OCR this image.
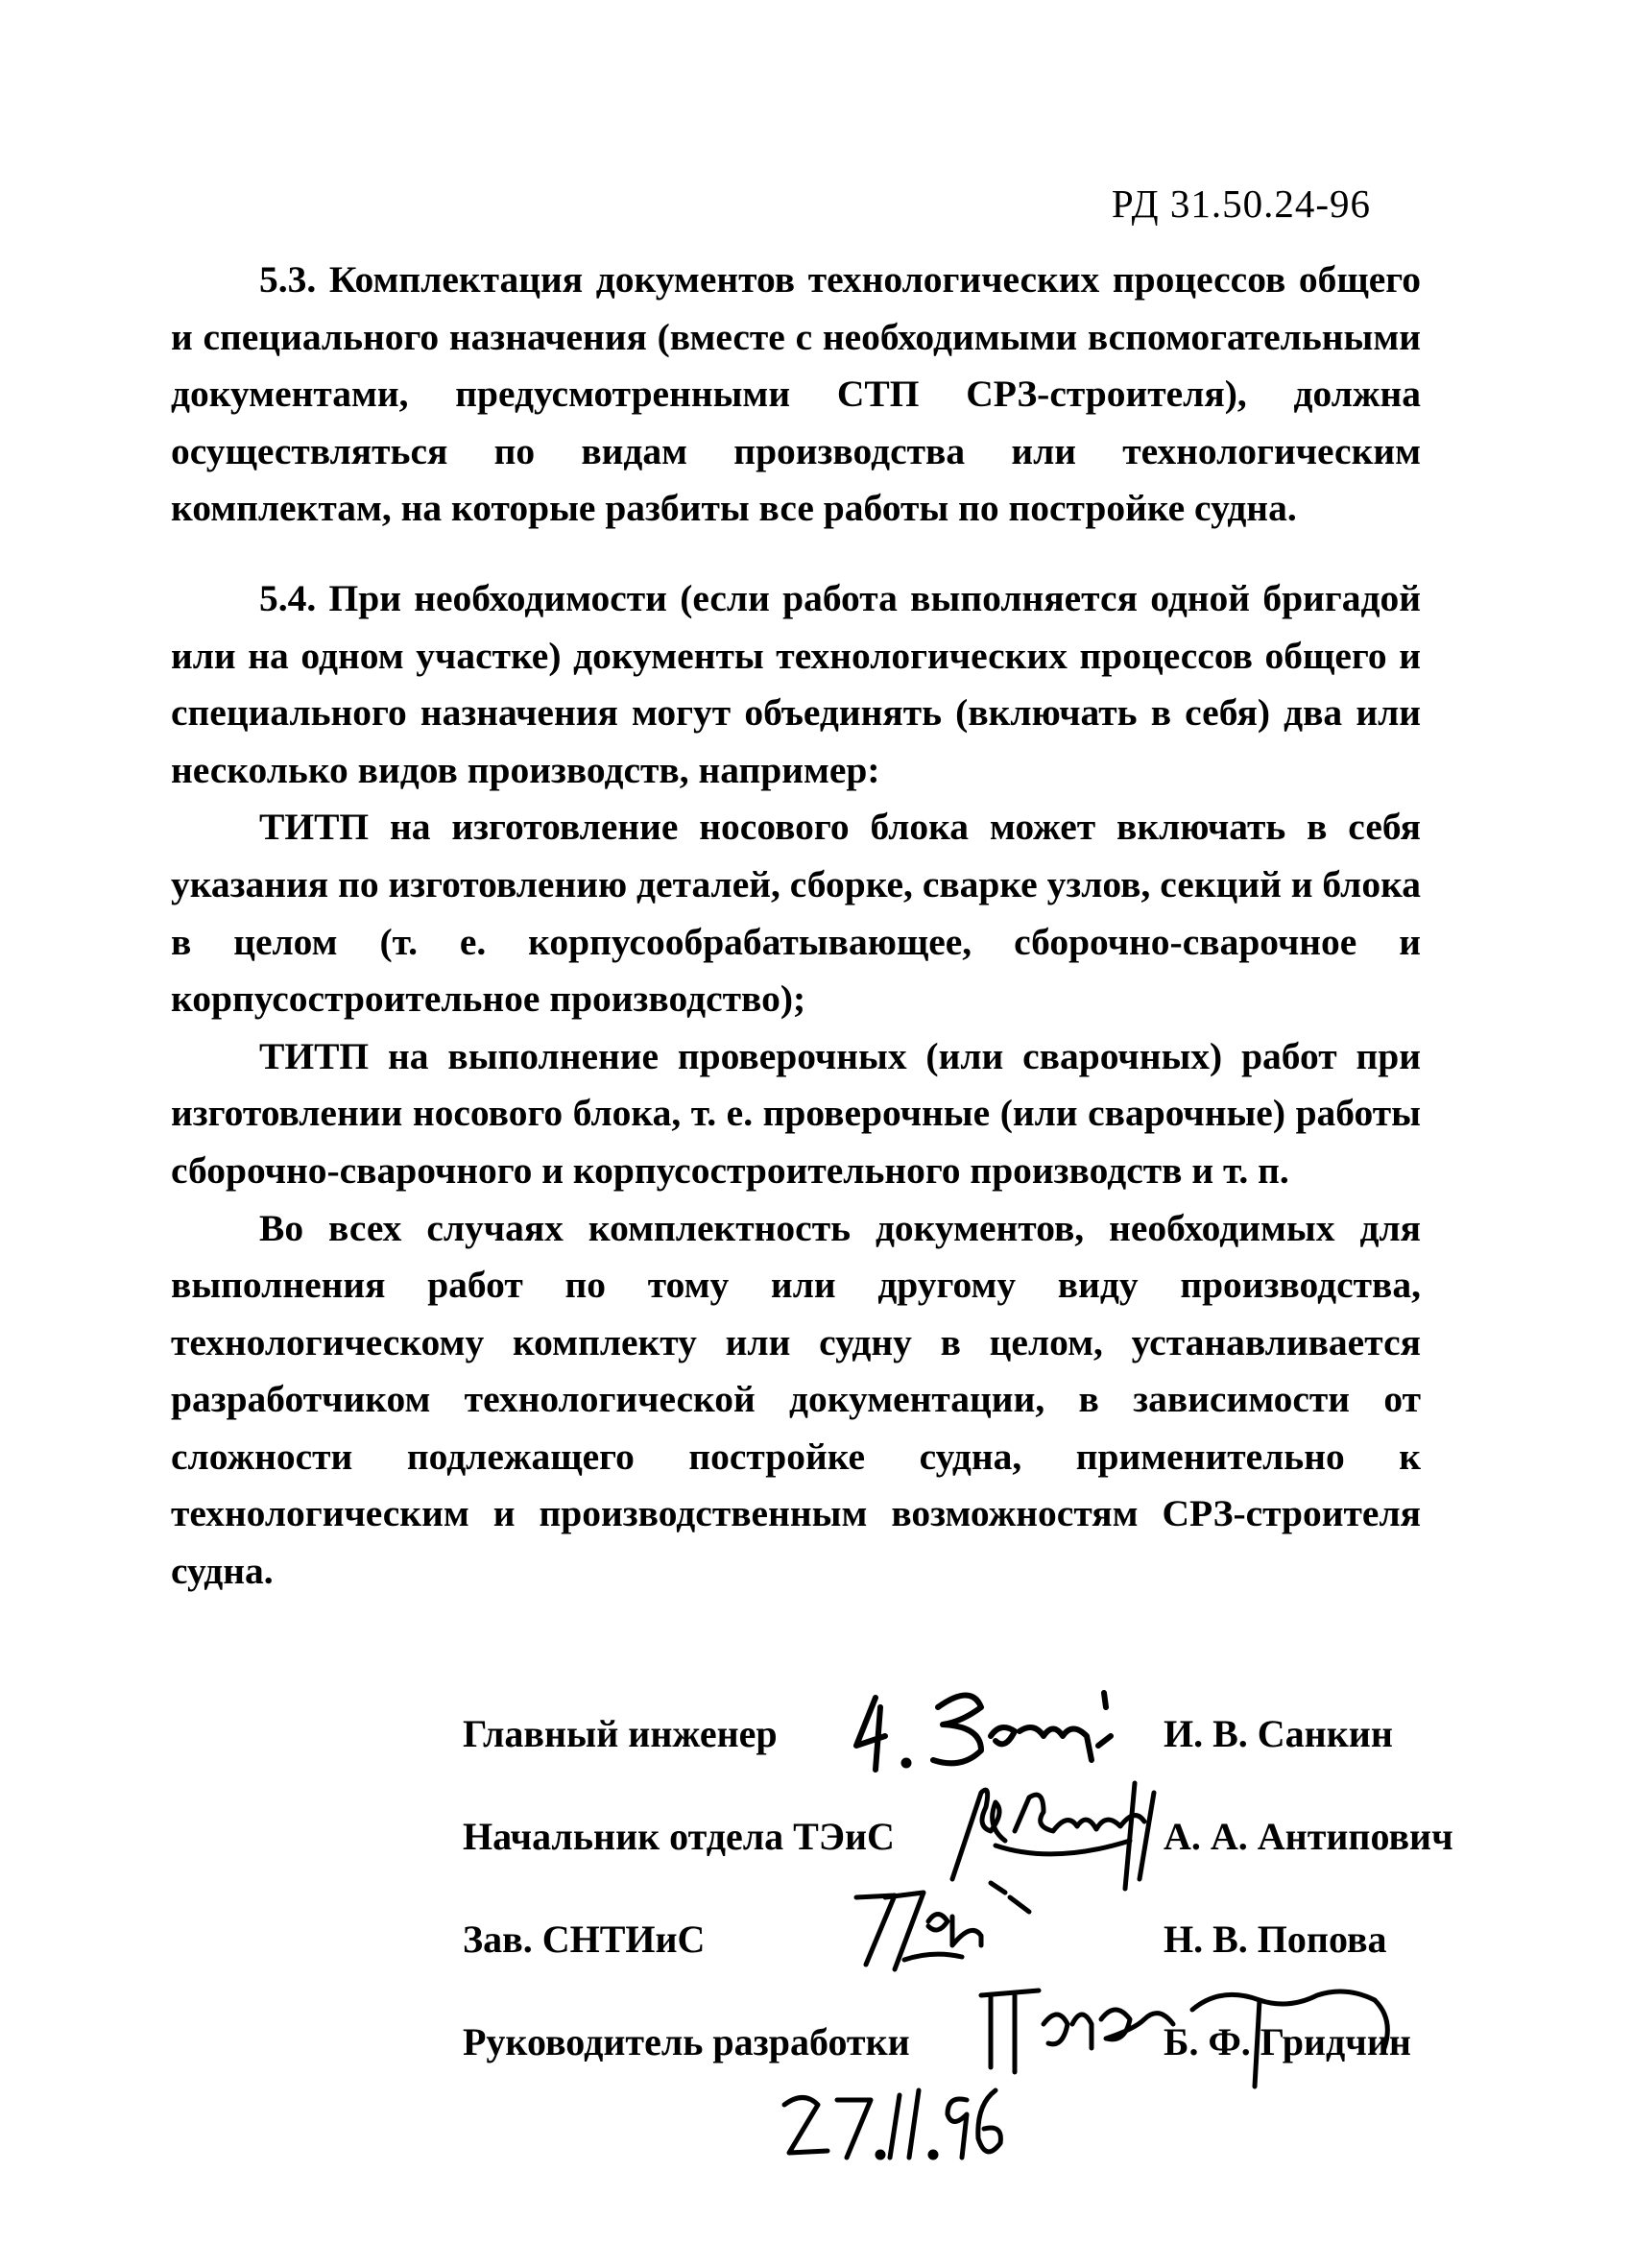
РД 31.50.24-96

5.3. Комплектация документов технологических процессов общего и специального назначения (вместе с необходимыми вспомогательными документами, предусмотренными СТП СРЗ-строителя), должна осуществляться по видам производства или технологическим комплектам, на которые разбиты все работы по постройке судна.

5.4. При необходимости (если работа выполняется одной бригадой или на одном участке) документы технологических процессов общего и специального назначения могут объединять (включать в себя) два или несколько видов производств, например:

ТИТП на изготовление носового блока может включать в себя указания по изготовлению деталей, сборке, сварке узлов, секций и блока в целом (т. е. корпусообрабатывающее, сборочно-сварочное и корпусостроительное производство);

ТИТП на выполнение проверочных (или сварочных) работ при изготовлении носового блока, т. е. проверочные (или сварочные) работы сборочно-сварочного и корпусостроительного производств и т. п.

Во всех случаях комплектность документов, необходимых для выполнения работ по тому или другому виду производства, технологическому комплекту или судну в целом, устанавливается разработчиком технологической документации, в зависимости от сложности подлежащего постройке судна, применительно к технологическим и производственным возможностям СРЗ-строителя судна.

Главный инженер	И. В. Санкин
Начальник отдела ТЭиС	А. А. Антипович
Зав. СНТИиС	Н. В. Попова
Руководитель разработки	Б. Ф. Гридчин
